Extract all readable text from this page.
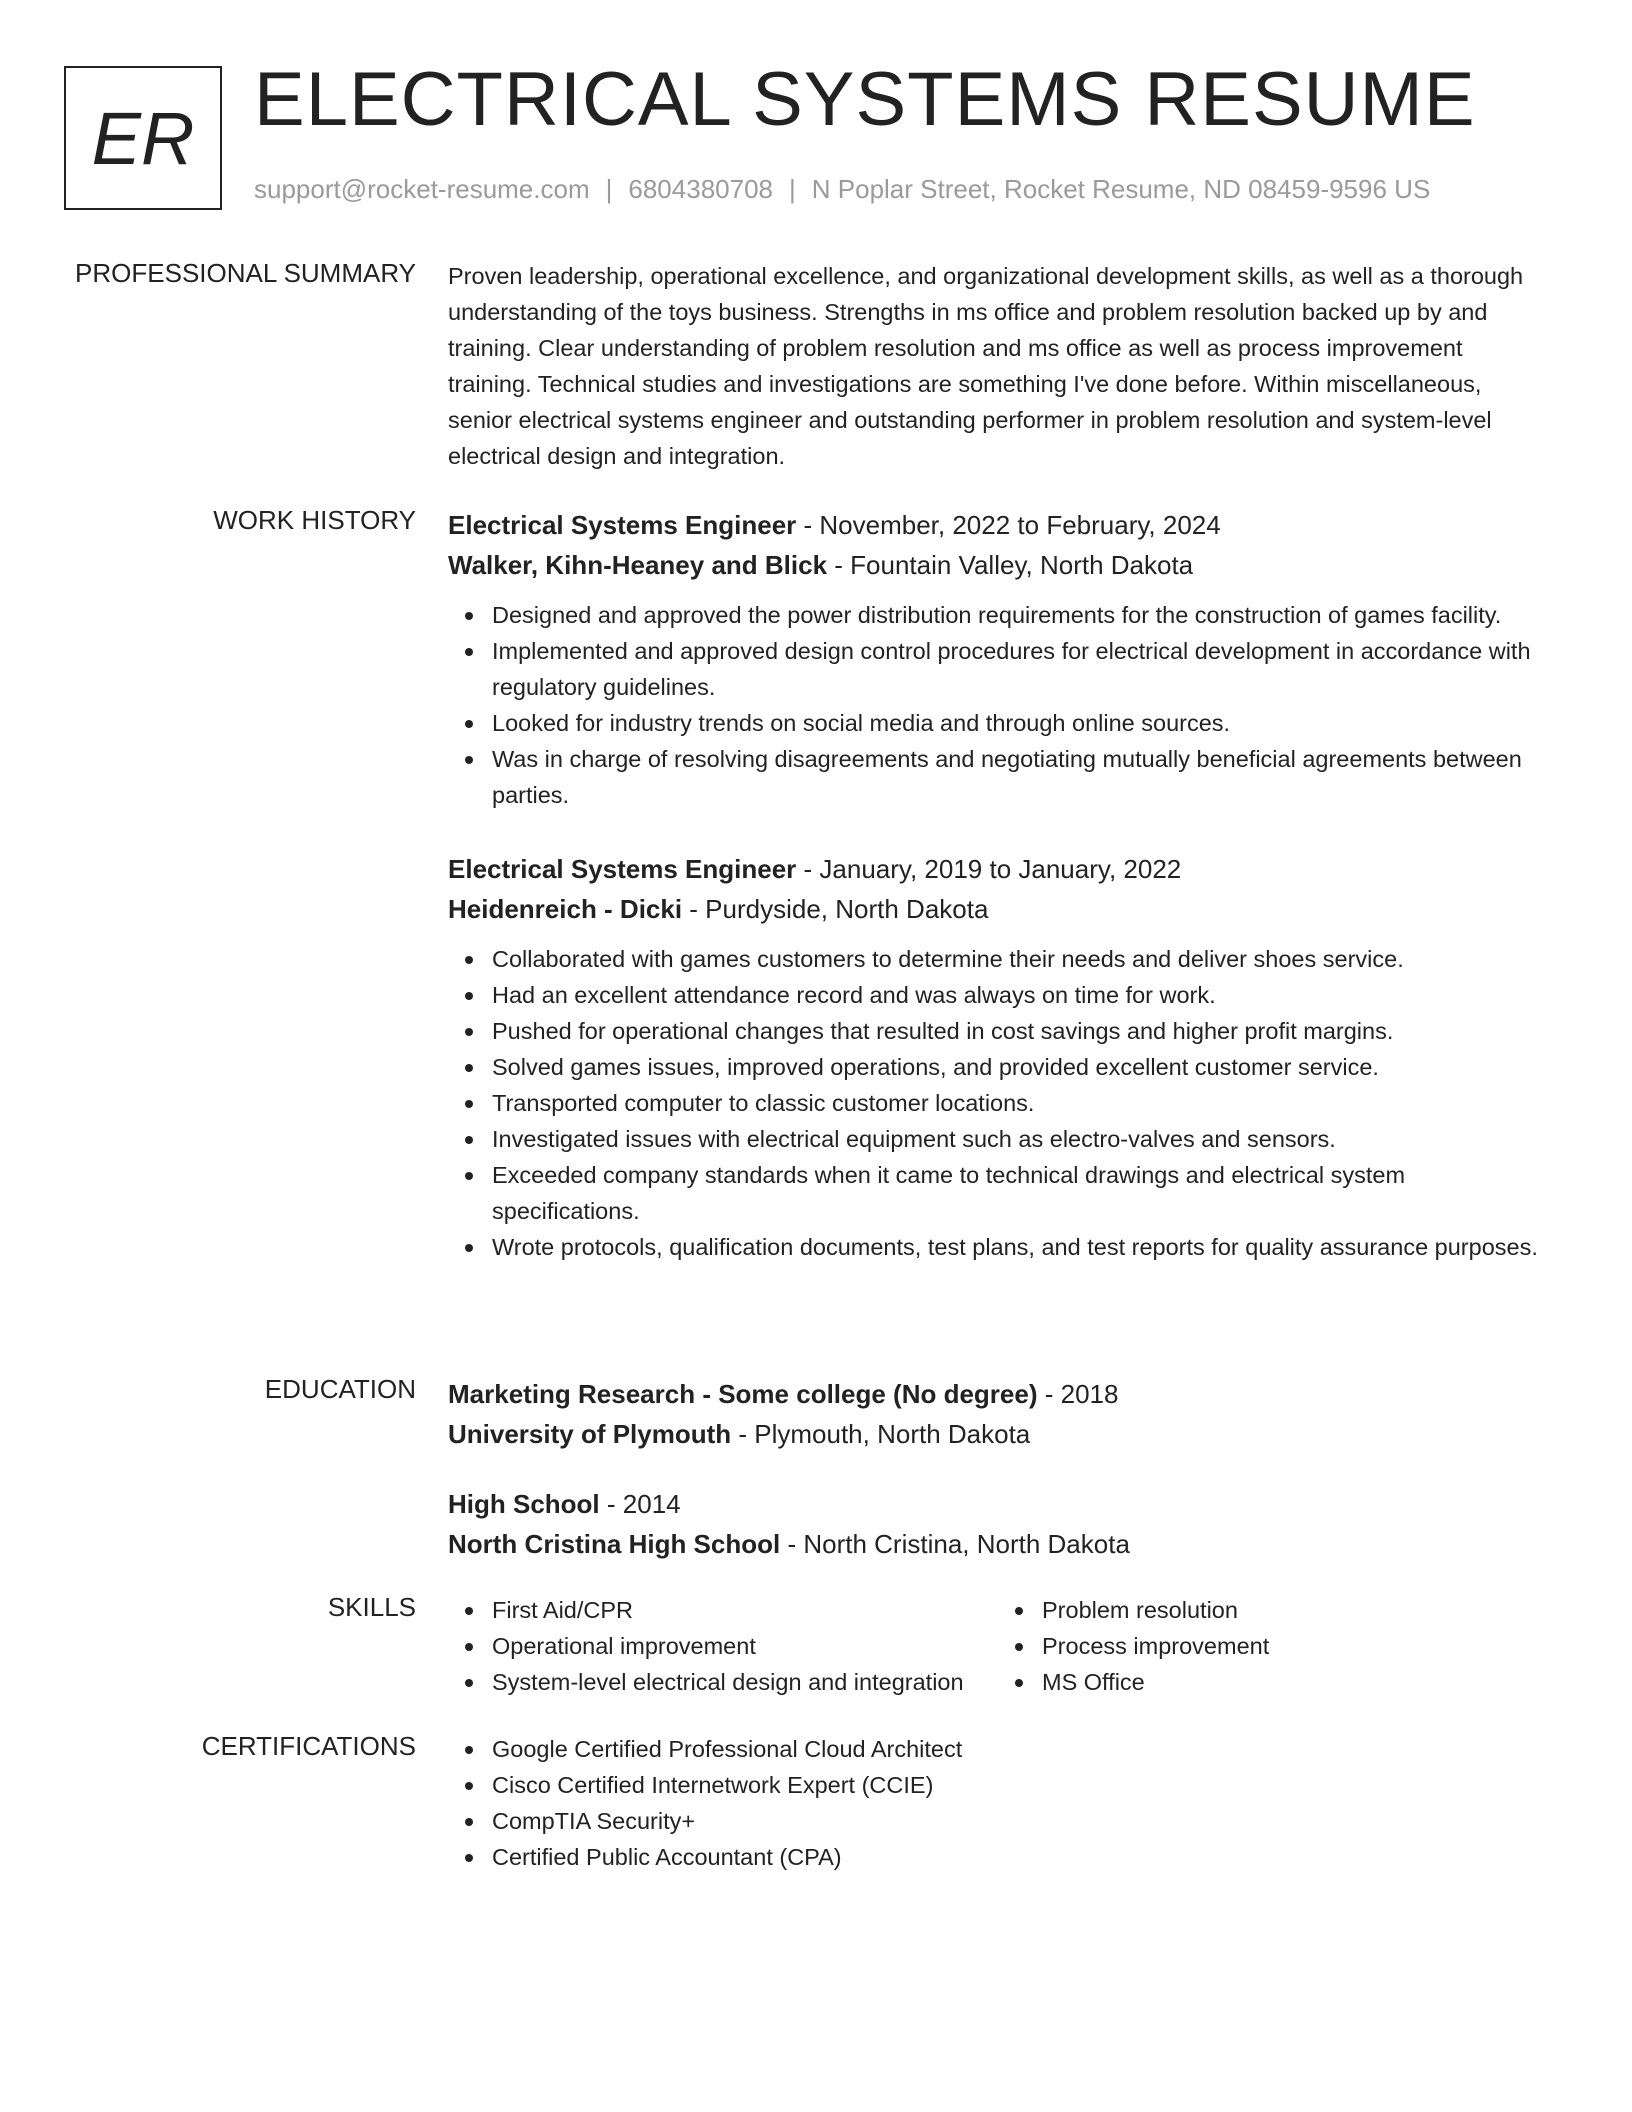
ER ELECTRICAL SYSTEMS RESUME
support@rocket-resume.com | 6804380708 | N Poplar Street, Rocket Resume, ND 08459-9596 US
PROFESSIONAL SUMMARY Proven leadership, operational excellence, and organizational development skills, as well as a thorough understanding of the toys business. Strengths in ms office and problem resolution backed up by and training. Clear understanding of problem resolution and ms office as well as process improvement training. Technical studies and investigations are something I've done before. Within miscellaneous, senior electrical systems engineer and outstanding performer in problem resolution and system-level electrical design and integration.
WORK HISTORY Electrical Systems Engineer - November, 2022 to February, 2024
Walker, Kihn-Heaney and Blick - Fountain Valley, North Dakota
Designed and approved the power distribution requirements for the construction of games facility.
Implemented and approved design control procedures for electrical development in accordance with regulatory guidelines.
Looked for industry trends on social media and through online sources.
Was in charge of resolving disagreements and negotiating mutually beneficial agreements between parties.
Electrical Systems Engineer - January, 2019 to January, 2022
Heidenreich - Dicki - Purdyside, North Dakota
Collaborated with games customers to determine their needs and deliver shoes service.
Had an excellent attendance record and was always on time for work.
Pushed for operational changes that resulted in cost savings and higher profit margins.
Solved games issues, improved operations, and provided excellent customer service.
Transported computer to classic customer locations.
Investigated issues with electrical equipment such as electro-valves and sensors.
Exceeded company standards when it came to technical drawings and electrical system specifications.
Wrote protocols, qualification documents, test plans, and test reports for quality assurance purposes.
EDUCATION Marketing Research - Some college (No degree) - 2018
University of Plymouth - Plymouth, North Dakota
High School - 2014
North Cristina High School - North Cristina, North Dakota
SKILLS	First Aid/CPR
Operational improvement
System-level electrical design and integration
Problem resolution
Process improvement
MS Office
CERTIFICATIONS	Google Certified Professional Cloud Architect
Cisco Certified Internetwork Expert (CCIE)
CompTIA Security+
Certified Public Accountant (CPA)
